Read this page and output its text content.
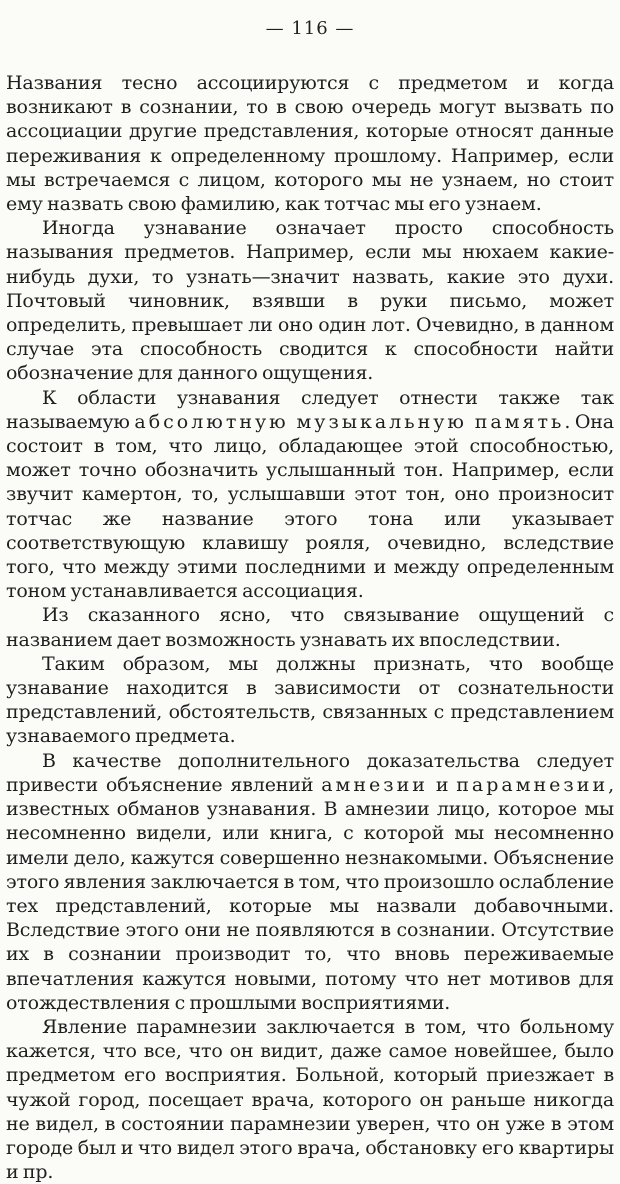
— 116 —

Названия тесно ассоциируются с предметом и когда возникают в сознании, то в свою очередь могут вызвать по ассоциации другие представления, которые относят данные переживания к определенному прошлому. Например, если мы встречаемся с лицом, которого мы не узнаем, но стоит ему назвать свою фамилию, как тотчас мы его узнаем.

Иногда узнавание означает просто способность называния предметов. Например, если мы нюхаем какие-нибудь духи, то узнать—значит назвать, какие это духи. Почтовый чиновник, взявши в руки письмо, может определить, превышает ли оно один лот. Очевидно, в данном случае эта способность сводится к способности найти обозначение для данного ощущения.

К области узнавания следует отнести также так называемую абсолютную музыкальную память. Она состоит в том, что лицо, обладающее этой способностью, может точно обозначить услышанный тон. Например, если звучит камертон, то, услышавши этот тон, оно произносит тотчас же название этого тона или указывает соответствующую клавишу рояля, очевидно, вследствие того, что между этими последними и между определенным тоном устанавливается ассоциация.

Из сказанного ясно, что связывание ощущений с названием дает возможность узнавать их впоследствии.

Таким образом, мы должны признать, что вообще узнавание находится в зависимости от сознательности представлений, обстоятельств, связанных с представлением узнаваемого предмета.

В качестве дополнительного доказательства следует привести объяснение явлений амнезии и парамнезии, известных обманов узнавания. В амнезии лицо, которое мы несомненно видели, или книга, с которой мы несомненно имели дело, кажутся совершенно незнакомыми. Объяснение этого явления заключается в том, что произошло ослабление тех представлений, которые мы назвали добавочными. Вследствие этого они не появляются в сознании. Отсутствие их в сознании производит то, что вновь переживаемые впечатления кажутся новыми, потому что нет мотивов для отождествления с прошлыми восприятиями.

Явление парамнезии заключается в том, что больному кажется, что все, что он видит, даже самое новейшее, было предметом его восприятия. Больной, который приезжает в чужой город, посещает врача, которого он раньше никогда не видел, в состоянии парамнезии уверен, что он уже в этом городе был и что видел этого врача, обстановку его квартиры и пр.
